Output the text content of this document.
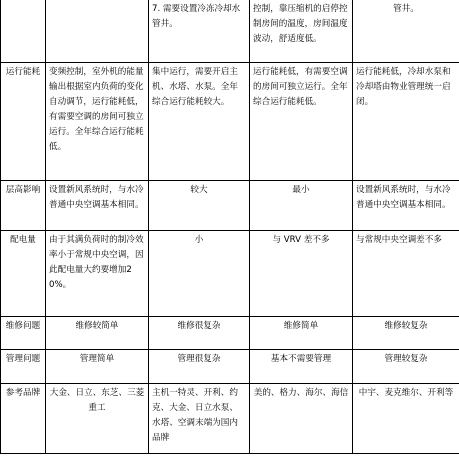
		7. 需要设置冷冻冷却水管井。	控制，靠压缩机的启停控制房间的温度，房间温度波动，舒适度低。	管井。
运行能耗	变频控制，室外机的能量输出根据室内负荷的变化自动调节，运行能耗低，有需要空调的房间可独立运行。全年综合运行能耗低。	集中运行，需要开启主机、水塔、水泵。全年综合运行能耗较大。	运行能耗低，有需要空调的房间可独立运行。全年综合运行能耗低。	运行能耗低，冷却水泵和冷却塔由物业管理统一启闭。
层高影响	设置新风系统时，与水冷普通中央空调基本相同。	较大	最小	设置新风系统时，与水冷普通中央空调基本相同。
配电量	由于其满负荷时的制冷效率小于常规中央空调，因此配电量大约要增加20%。	小	与 VRV 差不多	与常规中央空调差不多
维修问题	维修较简单	维修很复杂	维修简单	维修较复杂
管理问题	管理简单	管理很复杂	基本不需要管理	管理较复杂
参考品牌	大金、日立、东芝、三菱重工	主机一特灵、开利、约克、大金、日立水泵、水塔、空调末端为国内品牌	美的、格力、海尔、海信	中宇、麦克维尔、开利等
